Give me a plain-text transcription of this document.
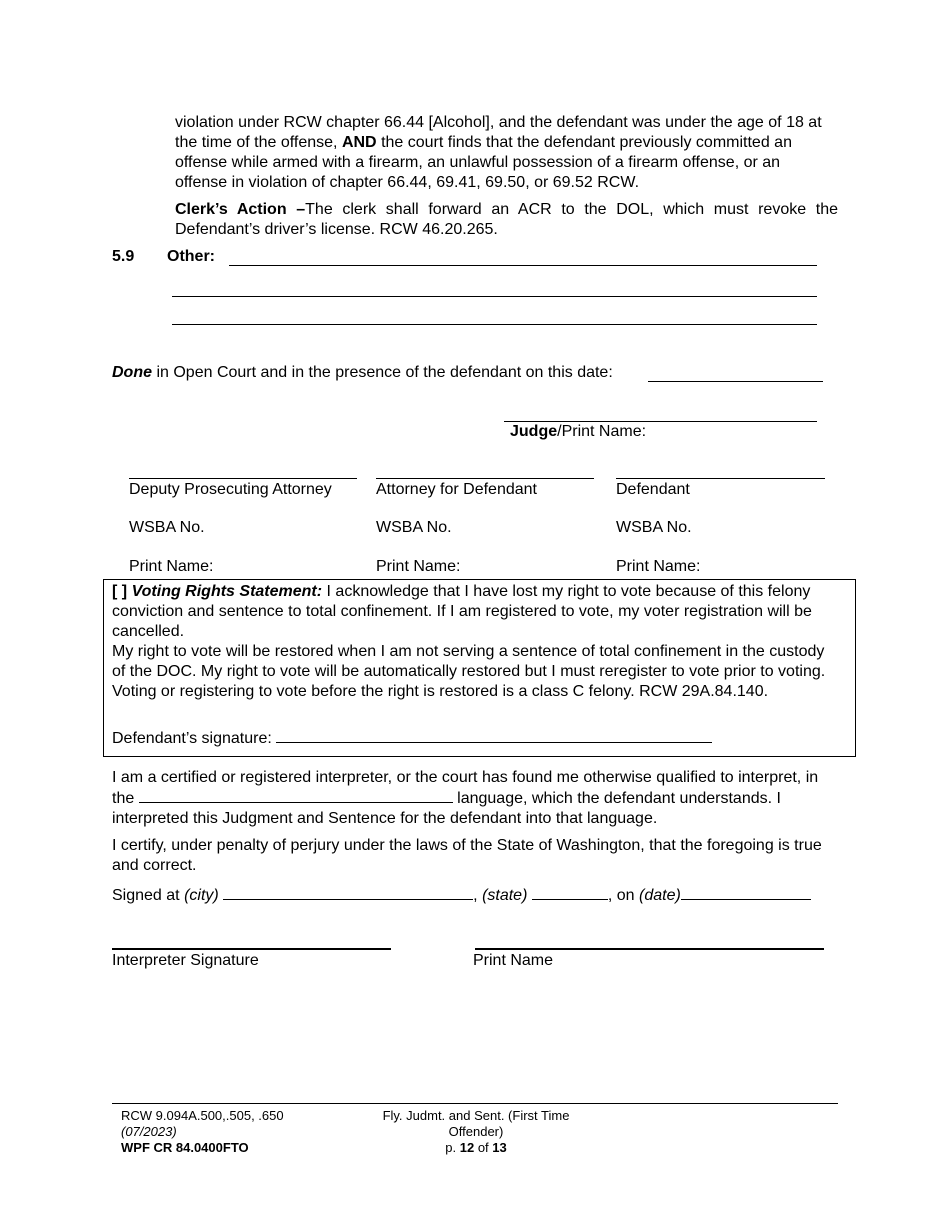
violation under RCW chapter 66.44 [Alcohol], and the defendant was under the age of 18 at the time of the offense, AND the court finds that the defendant previously committed an offense while armed with a firearm, an unlawful possession of a firearm offense, or an offense in violation of chapter 66.44, 69.41, 69.50, or 69.52 RCW.
Clerk’s Action –The clerk shall forward an ACR to the DOL, which must revoke the Defendant’s driver’s license. RCW 46.20.265.
5.9 Other:
Done in Open Court and in the presence of the defendant on this date:
Judge/Print Name:
Deputy Prosecuting Attorney	Attorney for Defendant	Defendant
WSBA No.	WSBA No.	WSBA No.
Print Name:	Print Name:	Print Name:
[ ] Voting Rights Statement: I acknowledge that I have lost my right to vote because of this felony conviction and sentence to total confinement. If I am registered to vote, my voter registration will be cancelled.
My right to vote will be restored when I am not serving a sentence of total confinement in the custody of the DOC. My right to vote will be automatically restored but I must reregister to vote prior to voting. Voting or registering to vote before the right is restored is a class C felony. RCW 29A.84.140.
Defendant’s signature:
I am a certified or registered interpreter, or the court has found me otherwise qualified to interpret, in the	language, which the defendant understands. I interpreted this Judgment and Sentence for the defendant into that language.
I certify, under penalty of perjury under the laws of the State of Washington, that the foregoing is true and correct.
Signed at (city)	, (state)	, on (date)
Interpreter Signature	Print Name
RCW 9.094A.500,.505, .650
(07/2023)
WPF CR 84.0400FTO
Fly. Judmt. and Sent. (First Time Offender)
p. 12 of 13
